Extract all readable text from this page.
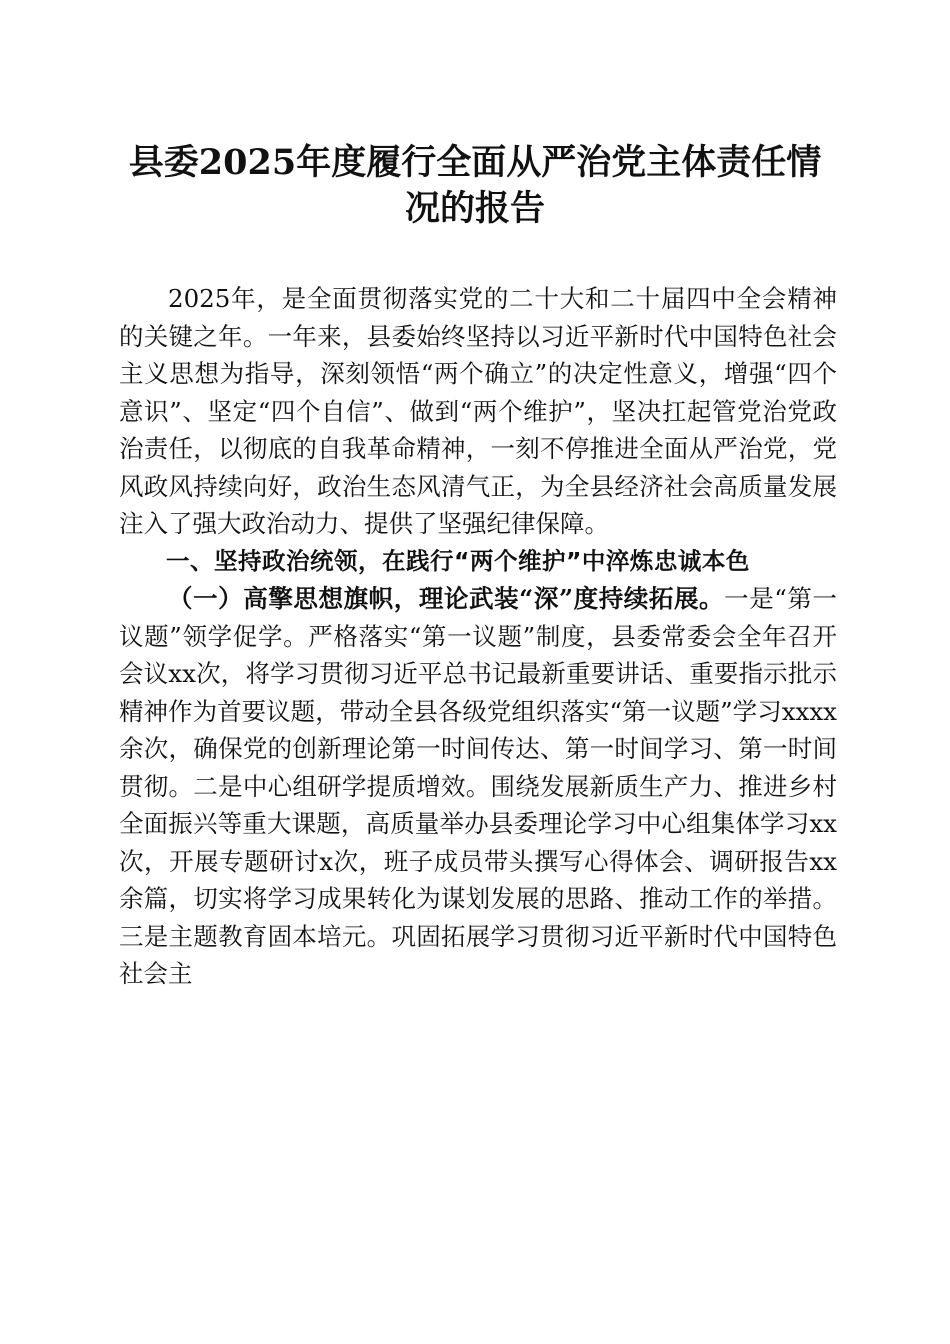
县委2025年度履行全面从严治党主体责任情
况的报告

2025年，是全面贯彻落实党的二十大和二十届四中全会精神的关键之年。一年来，县委始终坚持以习近平新时代中国特色社会主义思想为指导，深刻领悟“两个确立”的决定性意义，增强“四个意识”、坚定“四个自信”、做到“两个维护”，坚决扛起管党治党政治责任，以彻底的自我革命精神，一刻不停推进全面从严治党，党风政风持续向好，政治生态风清气正，为全县经济社会高质量发展注入了强大政治动力、提供了坚强纪律保障。

一、坚持政治统领，在践行“两个维护”中淬炼忠诚本色

（一）高擎思想旗帜，理论武装“深”度持续拓展。一是“第一议题”领学促学。严格落实“第一议题”制度，县委常委会全年召开会议xx次，将学习贯彻习近平总书记最新重要讲话、重要指示批示精神作为首要议题，带动全县各级党组织落实“第一议题”学习xxxx余次，确保党的创新理论第一时间传达、第一时间学习、第一时间贯彻。二是中心组研学提质增效。围绕发展新质生产力、推进乡村全面振兴等重大课题，高质量举办县委理论学习中心组集体学习xx次，开展专题研讨x次，班子成员带头撰写心得体会、调研报告xx余篇，切实将学习成果转化为谋划发展的思路、推动工作的举措。三是主题教育固本培元。巩固拓展学习贯彻习近平新时代中国特色社会主
